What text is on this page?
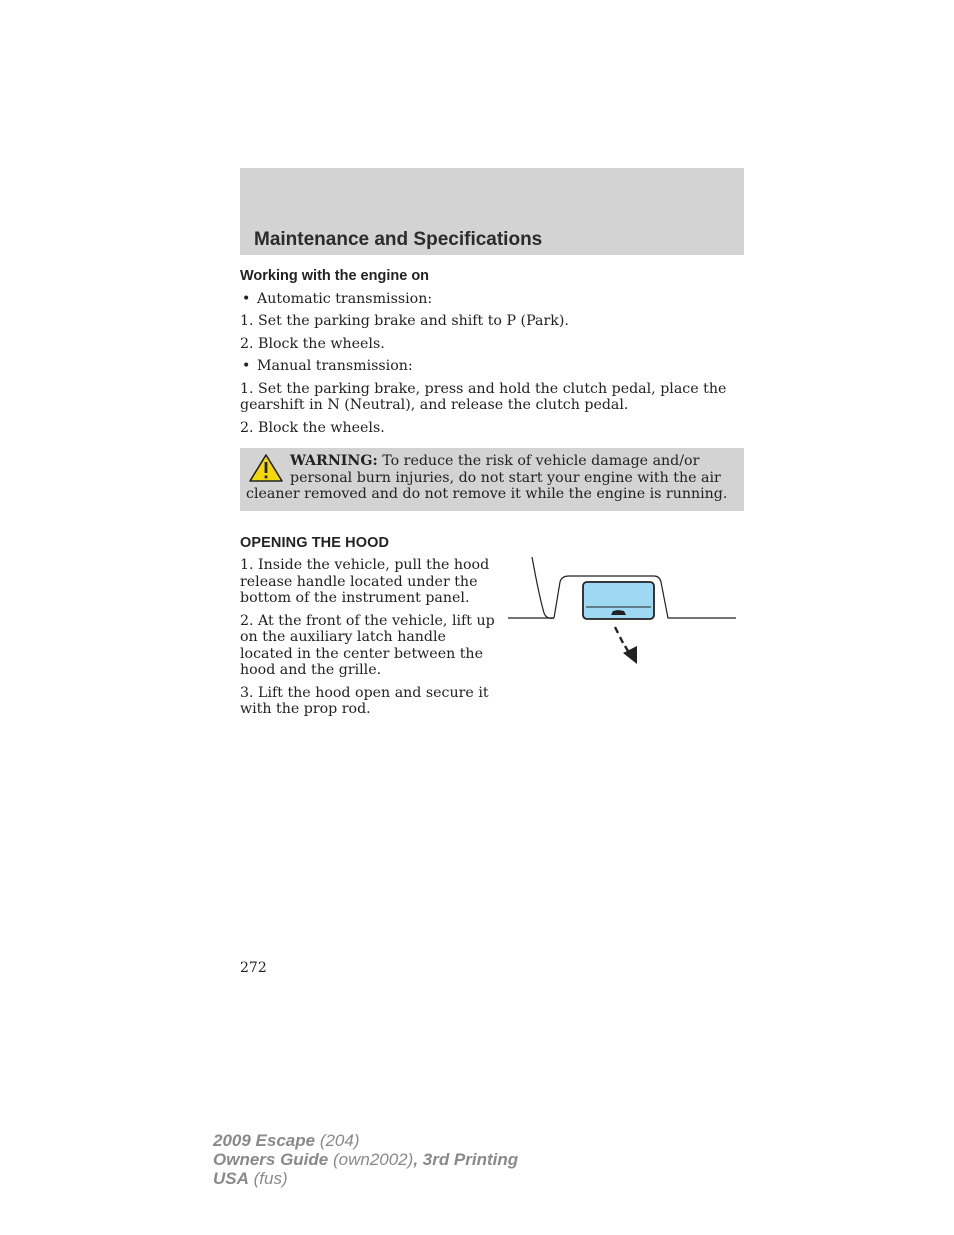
Maintenance and Specifications
Working with the engine on

• Automatic transmission:

1. Set the parking brake and shift to P (Park).

2. Block the wheels.

• Manual transmission:

1. Set the parking brake, press and hold the clutch pedal, place the gearshift in N (Neutral), and release the clutch pedal.

2. Block the wheels.

WARNING: To reduce the risk of vehicle damage and/or personal burn injuries, do not start your engine with the air cleaner removed and do not remove it while the engine is running.
OPENING THE HOOD

1. Inside the vehicle, pull the hood release handle located under the bottom of the instrument panel.

2. At the front of the vehicle, lift up on the auxiliary latch handle located in the center between the hood and the grille.

3. Lift the hood open and secure it with the prop rod.

272
2009 Escape (204)
Owners Guide (own2002), 3rd Printing
USA (fus)
